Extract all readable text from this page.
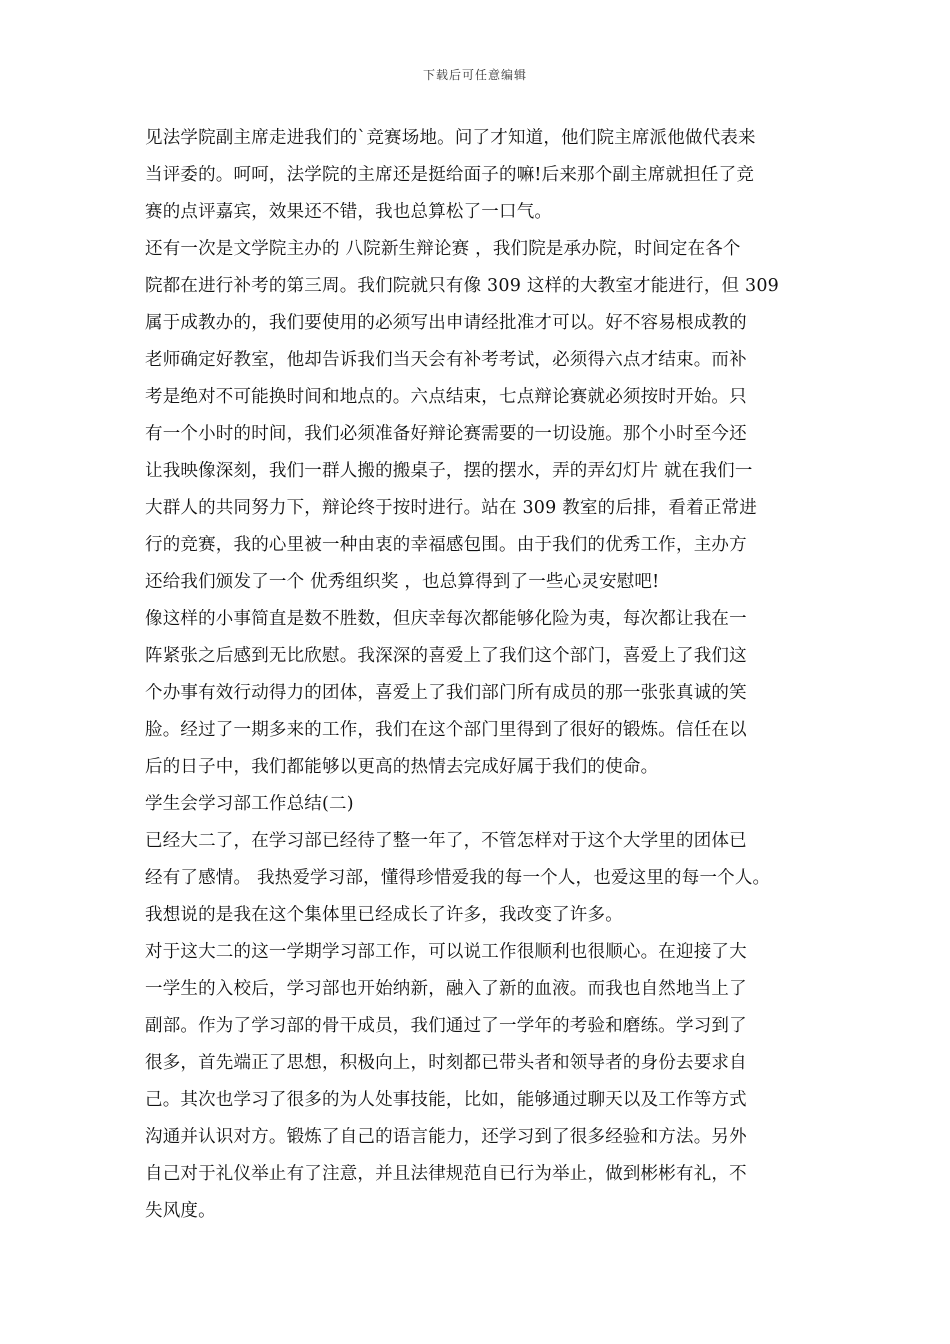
下载后可任意编辑
见法学院副主席走进我们的`竞赛场地。问了才知道，他们院主席派他做代表来
当评委的。呵呵，法学院的主席还是挺给面子的嘛!后来那个副主席就担任了竞
赛的点评嘉宾，效果还不错，我也总算松了一口气。
还有一次是文学院主办的 八院新生辩论赛 ，我们院是承办院，时间定在各个
院都在进行补考的第三周。我们院就只有像 309 这样的大教室才能进行，但 309
属于成教办的，我们要使用的必须写出申请经批准才可以。好不容易根成教的
老师确定好教室，他却告诉我们当天会有补考考试，必须得六点才结束。而补
考是绝对不可能换时间和地点的。六点结束，七点辩论赛就必须按时开始。只
有一个小时的时间，我们必须准备好辩论赛需要的一切设施。那个小时至今还
让我映像深刻，我们一群人搬的搬桌子，摆的摆水，弄的弄幻灯片 就在我们一
大群人的共同努力下，辩论终于按时进行。站在 309 教室的后排，看着正常进
行的竞赛，我的心里被一种由衷的幸福感包围。由于我们的优秀工作，主办方
还给我们颁发了一个 优秀组织奖 ，也总算得到了一些心灵安慰吧!
像这样的小事简直是数不胜数，但庆幸每次都能够化险为夷，每次都让我在一
阵紧张之后感到无比欣慰。我深深的喜爱上了我们这个部门，喜爱上了我们这
个办事有效行动得力的团体，喜爱上了我们部门所有成员的那一张张真诚的笑
脸。经过了一期多来的工作，我们在这个部门里得到了很好的锻炼。信任在以
后的日子中，我们都能够以更高的热情去完成好属于我们的使命。
学生会学习部工作总结(二)
已经大二了，在学习部已经待了整一年了，不管怎样对于这个大学里的团体已
经有了感情。 我热爱学习部，懂得珍惜爱我的每一个人，也爱这里的每一个人。
我想说的是我在这个集体里已经成长了许多，我改变了许多。
对于这大二的这一学期学习部工作，可以说工作很顺利也很顺心。在迎接了大
一学生的入校后，学习部也开始纳新，融入了新的血液。而我也自然地当上了
副部。作为了学习部的骨干成员，我们通过了一学年的考验和磨练。学习到了
很多，首先端正了思想，积极向上，时刻都已带头者和领导者的身份去要求自
己。其次也学习了很多的为人处事技能，比如，能够通过聊天以及工作等方式
沟通并认识对方。锻炼了自己的语言能力，还学习到了很多经验和方法。另外
自己对于礼仪举止有了注意，并且法律规范自已行为举止，做到彬彬有礼，不
失风度。
